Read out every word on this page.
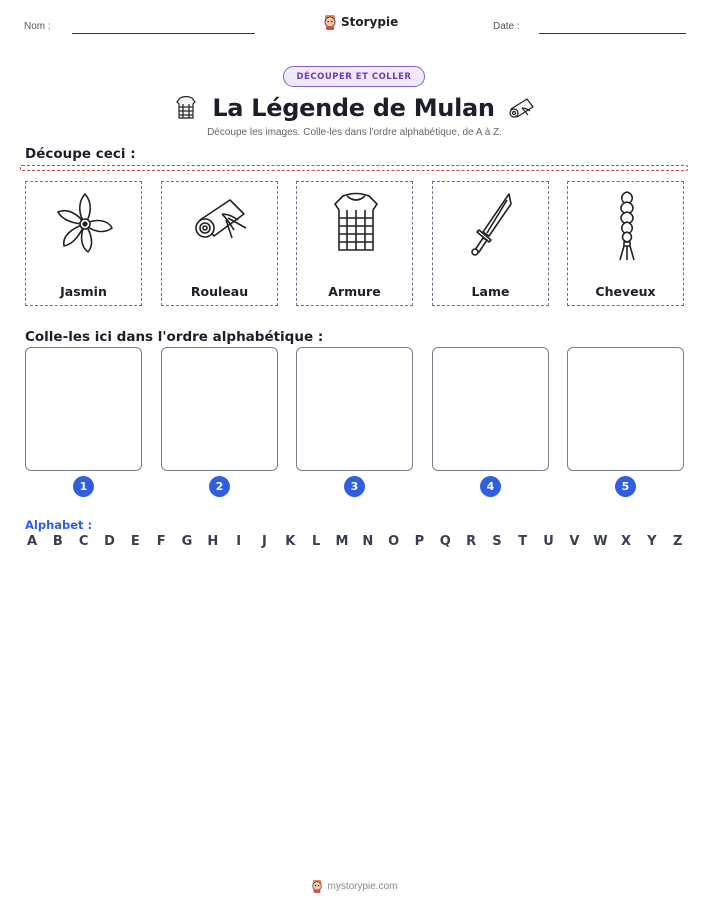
Nom :	Storypie	Date :
DÉCOUPER ET COLLER
La Légende de Mulan
Découpe les images. Colle-les dans l'ordre alphabétique, de A à Z.
Découpe ceci :
Jasmin	Rouleau	Armure	Lame	Cheveux
Colle-les ici dans l'ordre alphabétique :
1	2	3	4	5
Alphabet :
A B C D E F G H	I	J	K L M N O P Q R S T U V W X Y Z
mystorypie.com
